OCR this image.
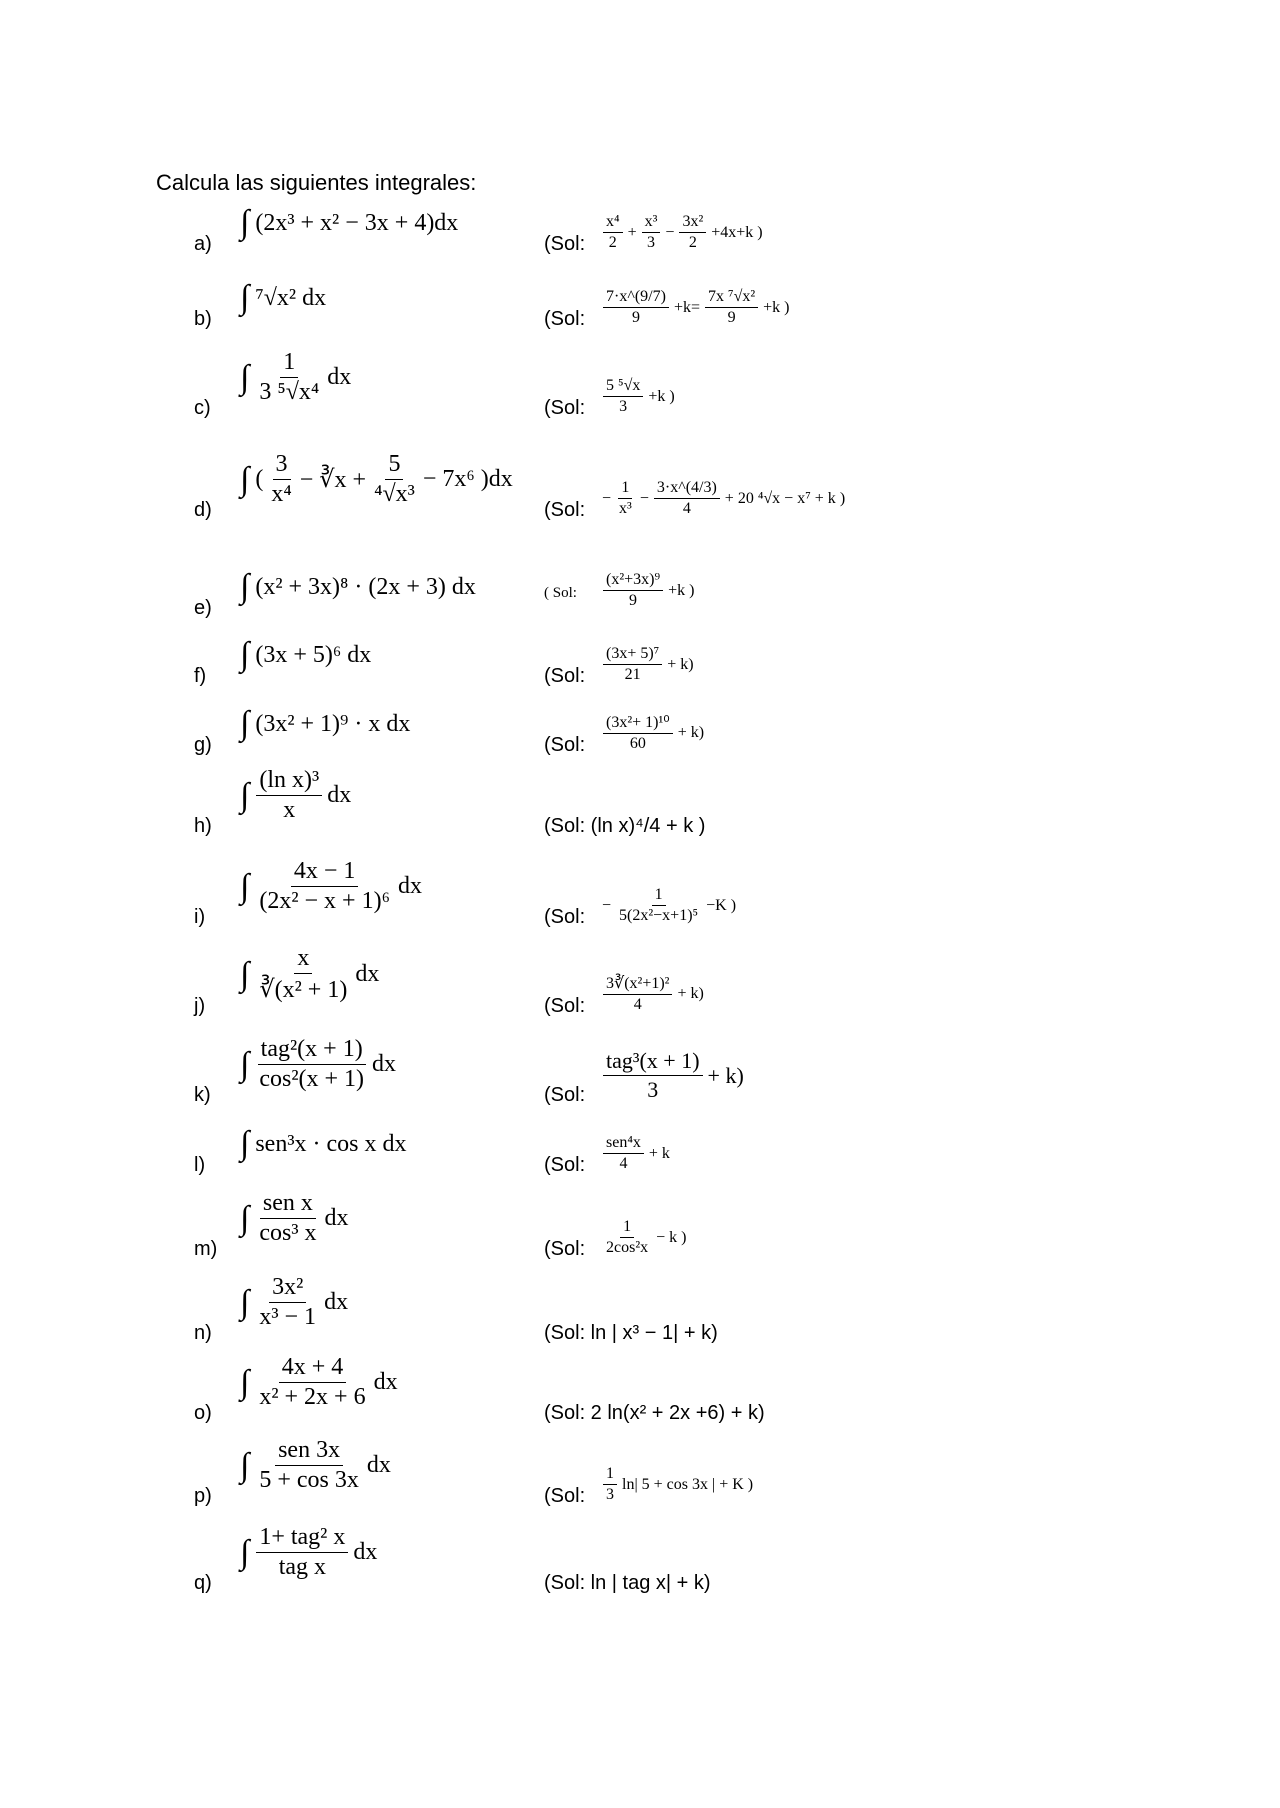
Calcula las siguientes integrales:
a)
∫ (2x³ + x² − 3x + 4)dx
(Sol: $\frac{\text{x⁴}}{2} + \frac{\text{x³}}{3} - \frac{\text{3x²}}{2} +4x+k$ )
b)
∫ ⁷√x² dx
(Sol: $\frac{7\cdot x\^{}(9/7)}{9} +k= \frac{\text{7x ⁷√x²}}{9} +k$ )
c)
∫ $\frac{1}{\text{3 ⁵√x⁴}}$ dx
(Sol: $\frac{\text{5 ⁵√x}}{3} +k$ )
d)
∫ ( $\frac{3}{\text{x⁴}}$ − ∛x + $\frac{5}{\text{⁴√x³}} - 7x^6$ )dx
(Sol:
− $\frac{1}{\text{x³}} - \frac{3\cdot x\^{}(4/3)}{4} + 20$ ⁴√x − x⁷ + k )
e)
∫ (x² + 3x)⁸ · (2x + 3) dx	( Sol: $\frac{\text{(x²+3x)⁹}}{9} +k$ )
f)
∫ (3x + 5)⁶ dx
(Sol: $\frac{\text{(3x+ 5)⁷}}{21} + k$)
g)
∫ (3x² + 1)⁹ · x dx
(Sol: $\frac{\text{(3x²+ 1)¹⁰}}{60} + k$)
h)
∫ $\frac{\text{(ln x)³}}{x}$ dx
(Sol: (ln x)⁴/4 + k )
i)
∫ $\frac{4x - 1}{\text{(2x² − x + 1)⁶}}$ dx
(Sol:
− $\frac{1}{\text{5(2x²−x+1)⁵}} -K$ )
j)
∫ $\frac{x}{\text{∛(x² + 1)}}$ dx
(Sol: $\frac{\text{3∛(x²+1)²}}{4} + k$)
k)
∫ $\frac{\text{tag²(x + 1)}}{\text{cos²(x + 1)}}$ dx
(Sol: $\frac{\text{tag³(x + 1)}}{3} + k$)
l)
∫ sen³x · cos x dx
(Sol: $\frac{\text{sen⁴x}}{4} + k$
m)
∫ $\frac{\text{sen x}}{\text{cos³ x}}$ dx
(Sol: $\frac{1}{\text{2cos²x}} - k$ )
n)
∫ $\frac{\text{3x²}}{\text{x³ − 1}}$ dx
(Sol: ln | x³ − 1| + k)
o)
∫ $\frac{4x + 4}{\text{x² + 2x + 6}}$ dx
(Sol: 2 ln(x² + 2x +6) + k)
p)
∫ $\frac{\text{sen 3x}}{5 + \cos 3x}$ dx
(Sol: $\frac{1}{3} \ln|$ 5 + cos 3x | + K )
q)
∫ $\frac{\text{1+ tag² x}}{\text{tag x}}$ dx
(Sol: ln | tag x| + k)
